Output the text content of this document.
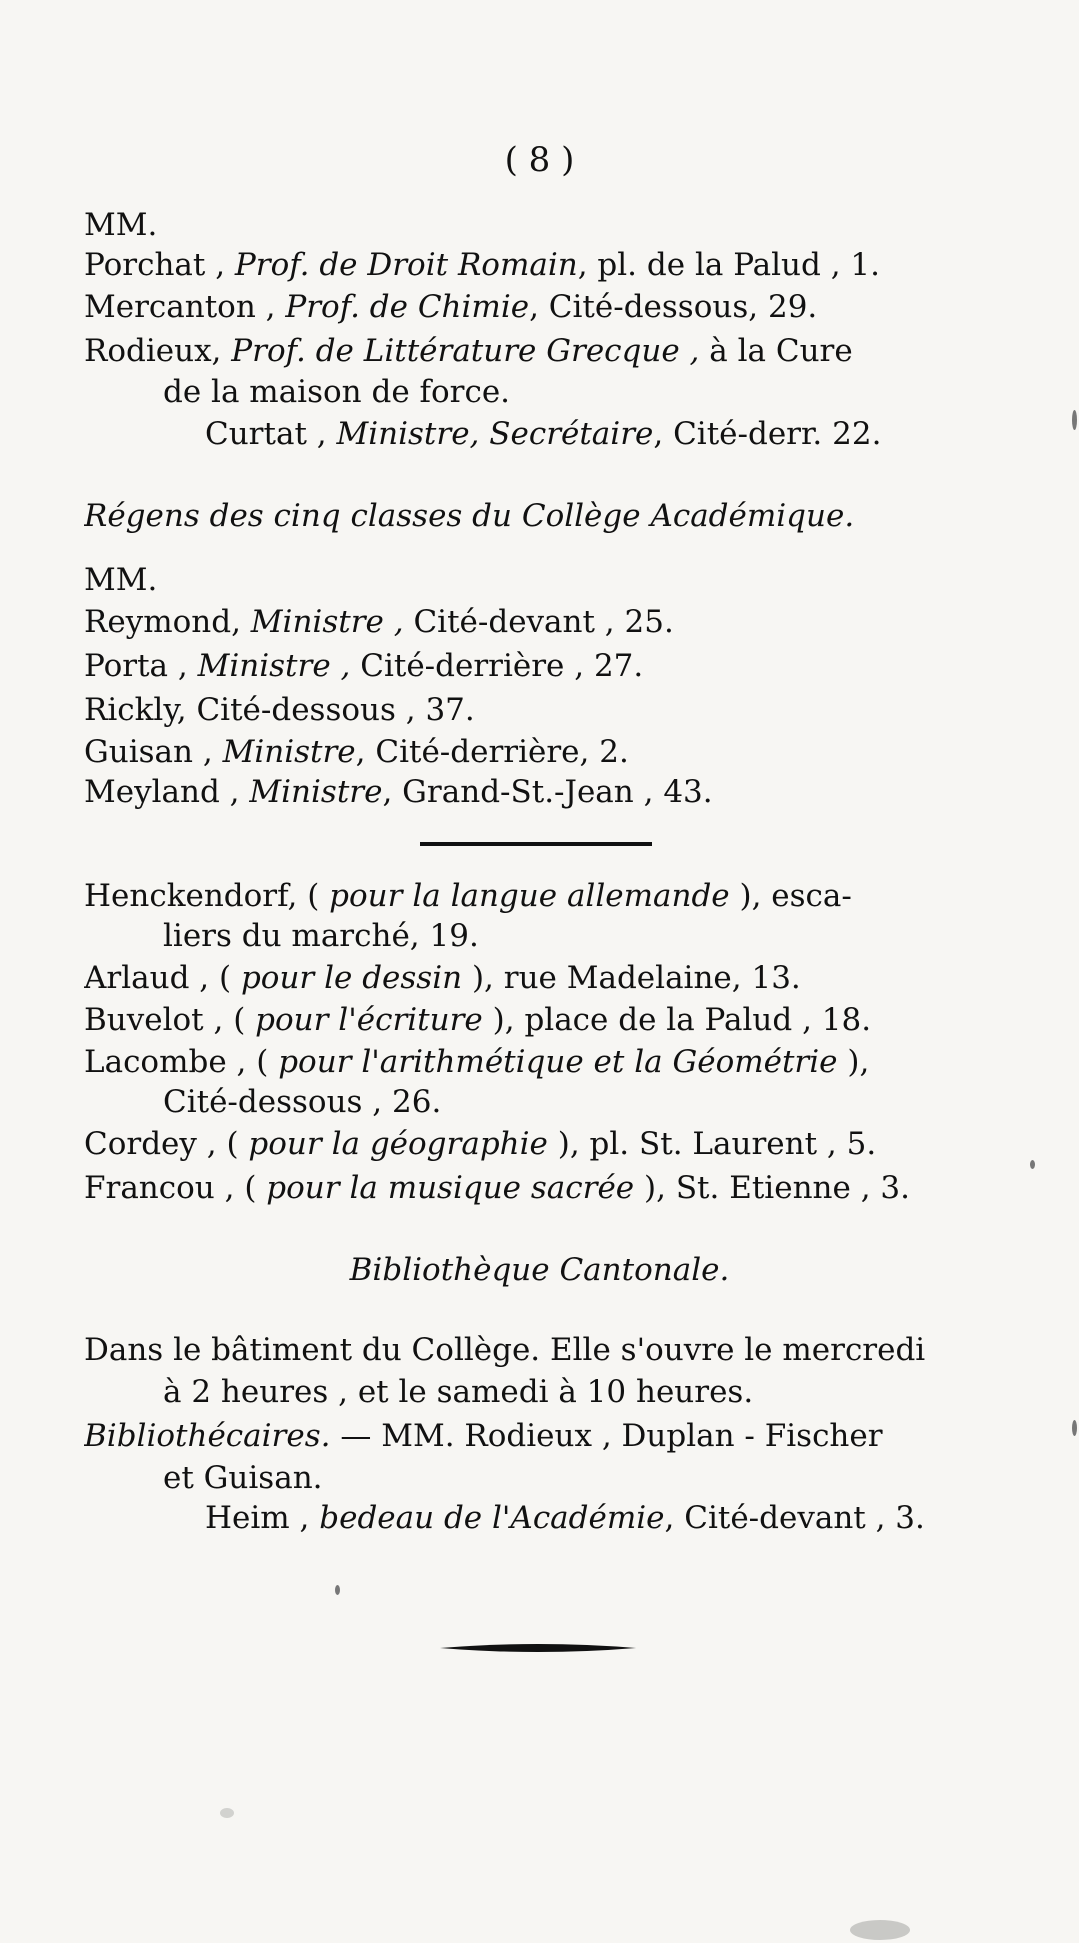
( 8 )
MM.
Porchat , Prof. de Droit Romain, pl. de la Palud , 1.
Mercanton , Prof. de Chimie, Cité-dessous, 29.
Rodieux, Prof. de Littérature Grecque , à la Cure
de la maison de force.
Curtat , Ministre, Secrétaire, Cité-derr. 22.
Régens des cinq classes du Collège Académique.
MM.
Reymond, Ministre , Cité-devant , 25.
Porta , Ministre , Cité-derrière , 27.
Rickly, Cité-dessous , 37.
Guisan , Ministre, Cité-derrière, 2.
Meyland , Ministre, Grand-St.-Jean , 43.
Henckendorf, ( pour la langue allemande ), esca-
liers du marché, 19.
Arlaud , ( pour le dessin ), rue Madelaine, 13.
Buvelot , ( pour l'écriture ), place de la Palud , 18.
Lacombe , ( pour l'arithmétique et la Géométrie ),
Cité-dessous , 26.
Cordey , ( pour la géographie ), pl. St. Laurent , 5.
Francou , ( pour la musique sacrée ), St. Etienne , 3.
Bibliothèque Cantonale.
Dans le bâtiment du Collège. Elle s'ouvre le mercredi
à 2 heures , et le samedi à 10 heures.
Bibliothécaires. — MM. Rodieux , Duplan - Fischer
et Guisan.
Heim , bedeau de l'Académie, Cité-devant , 3.
